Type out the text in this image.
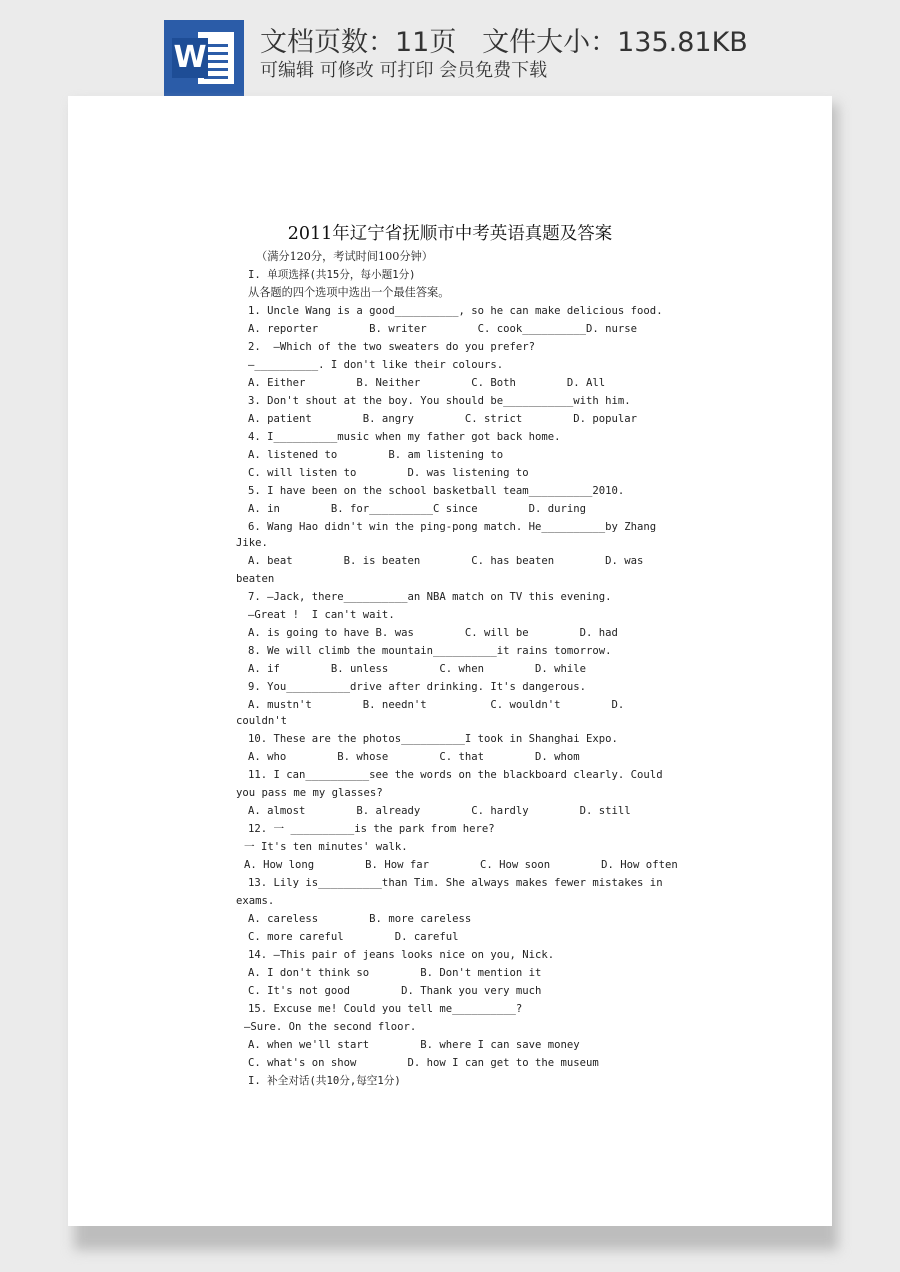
W 文档页数：11页   文件大小：135.81KB
可编辑 可修改 可打印 会员免费下载
2011年辽宁省抚顺市中考英语真题及答案
（满分120分，考试时间100分钟）
I. 单项选择(共15分，每小题1分)
从各题的四个选项中选出一个最佳答案。
1. Uncle Wang is a good__________, so he can make delicious food.
A. reporter        B. writer        C. cook__________D. nurse
2.  —Which of the two sweaters do you prefer?
—__________. I don't like their colours.
A. Either        B. Neither        C. Both        D. All
3. Don't shout at the boy. You should be___________with him.
A. patient        B. angry        C. strict        D. popular
4. I__________music when my father got back home.
A. listened to        B. am listening to
C. will listen to        D. was listening to
5. I have been on the school basketball team__________2010.
A. in        B. for__________C since        D. during
6. Wang Hao didn't win the ping-pong match. He__________by Zhang
Jike.
A. beat        B. is beaten        C. has beaten        D. was
beaten
7. —Jack, there__________an NBA match on TV this evening.
—Great !  I can't wait.
A. is going to have B. was        C. will be        D. had
8. We will climb the mountain__________it rains tomorrow.
A. if        B. unless        C. when        D. while
9. You__________drive after drinking. It's dangerous.
A. mustn't        B. needn't          C. wouldn't        D.
couldn't
10. These are the photos__________I took in Shanghai Expo.
A. who        B. whose        C. that        D. whom
11. I can__________see the words on the blackboard clearly. Could
you pass me my glasses?
A. almost        B. already        C. hardly        D. still
12. 一 __________is the park from here?
一 It's ten minutes' walk.
A. How long        B. How far        C. How soon        D. How often
13. Lily is__________than Tim. She always makes fewer mistakes in
exams.
A. careless        B. more careless
C. more careful        D. careful
14. —This pair of jeans looks nice on you, Nick.
A. I don't think so        B. Don't mention it
C. It's not good        D. Thank you very much
15. Excuse me! Could you tell me__________?
—Sure. On the second floor.
A. when we'll start        B. where I can save money
C. what's on show        D. how I can get to the museum
I. 补全对话(共10分,每空1分)
